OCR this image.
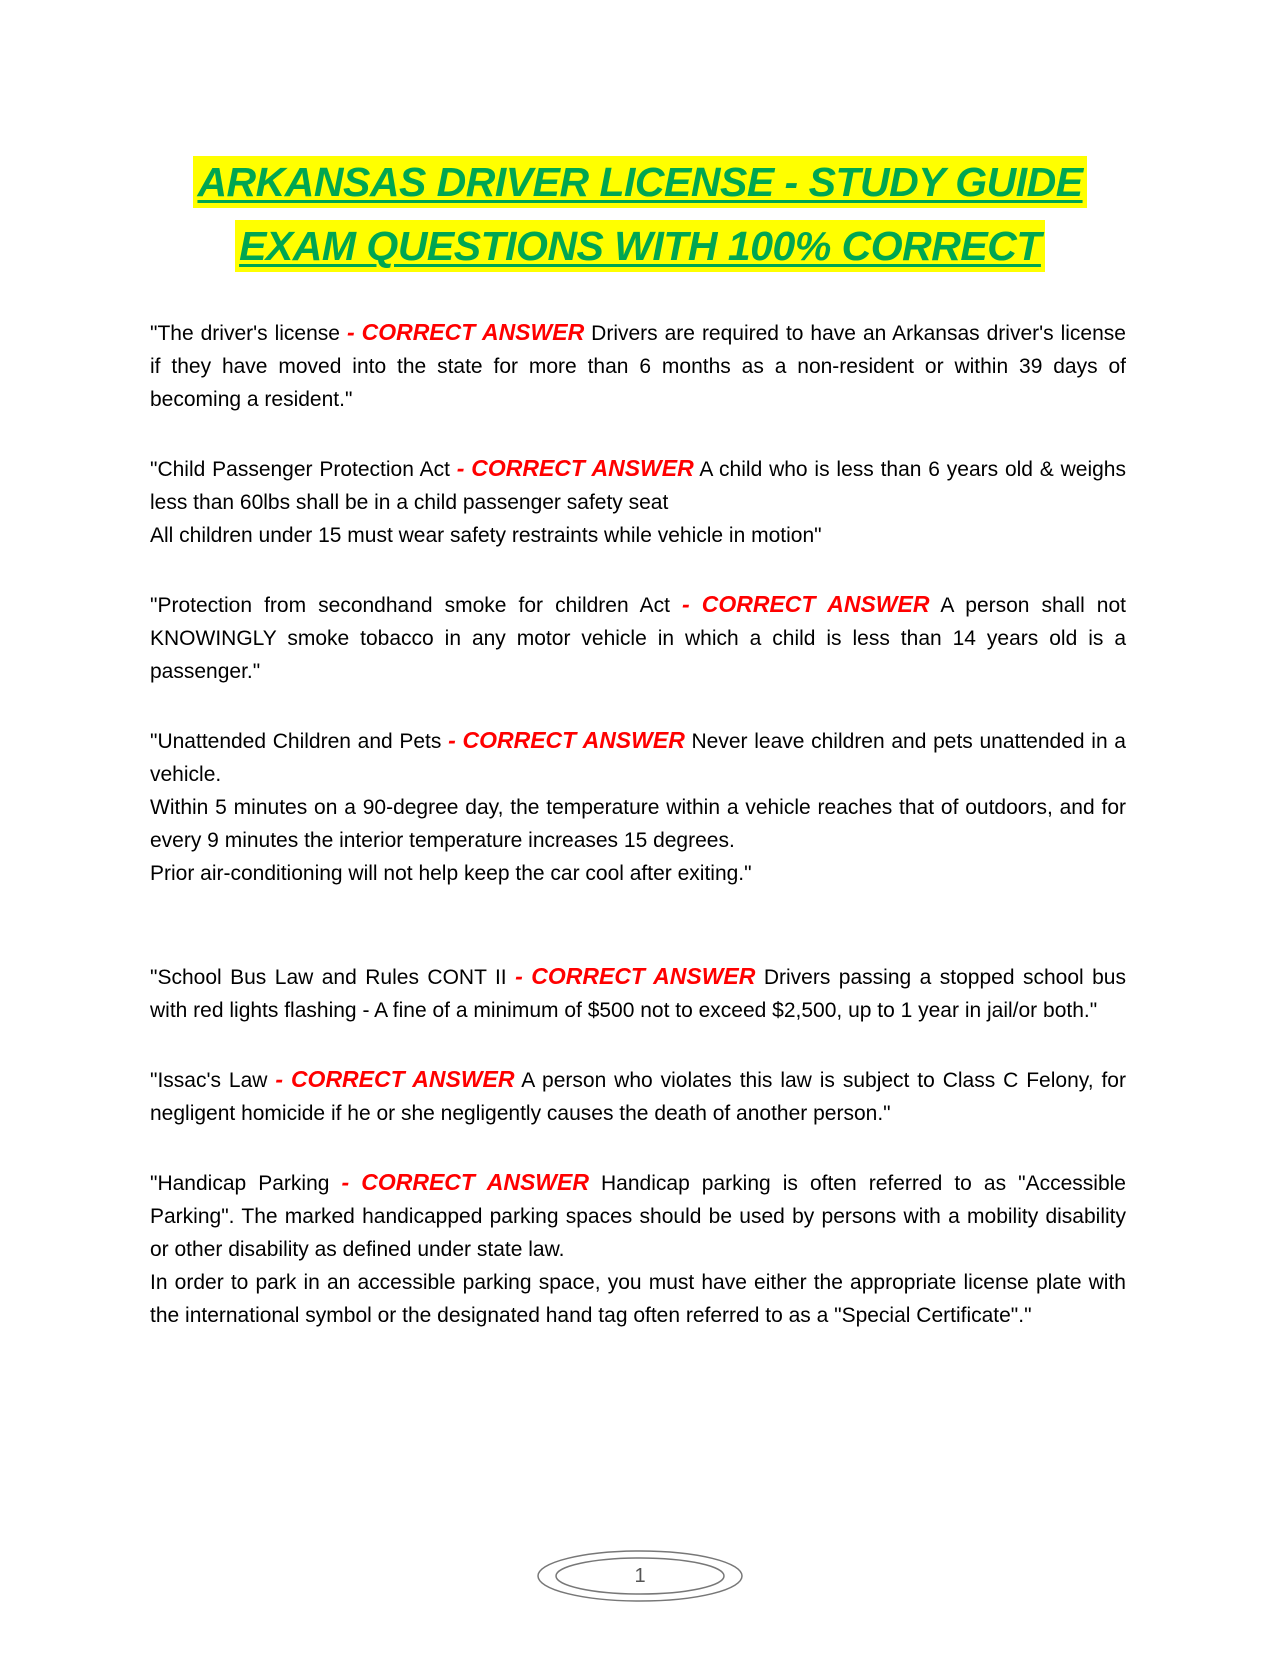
ARKANSAS DRIVER LICENSE - STUDY GUIDE
EXAM QUESTIONS WITH 100% CORRECT

"The driver's license - CORRECT ANSWER Drivers are required to have an Arkansas driver's license if they have moved into the state for more than 6 months as a non-resident or within 39 days of becoming a resident."

"Child Passenger Protection Act - CORRECT ANSWER A child who is less than 6 years old & weighs less than 60lbs shall be in a child passenger safety seat
All children under 15 must wear safety restraints while vehicle in motion"

"Protection from secondhand smoke for children Act - CORRECT ANSWER A person shall not KNOWINGLY smoke tobacco in any motor vehicle in which a child is less than 14 years old is a passenger."

"Unattended Children and Pets - CORRECT ANSWER Never leave children and pets unattended in a vehicle.
Within 5 minutes on a 90-degree day, the temperature within a vehicle reaches that of outdoors, and for every 9 minutes the interior temperature increases 15 degrees.
Prior air-conditioning will not help keep the car cool after exiting."

"School Bus Law and Rules CONT II - CORRECT ANSWER Drivers passing a stopped school bus with red lights flashing - A fine of a minimum of $500 not to exceed $2,500, up to 1 year in jail/or both."

"Issac's Law - CORRECT ANSWER A person who violates this law is subject to Class C Felony, for negligent homicide if he or she negligently causes the death of another person."

"Handicap Parking - CORRECT ANSWER Handicap parking is often referred to as "Accessible Parking". The marked handicapped parking spaces should be used by persons with a mobility disability or other disability as defined under state law.
In order to park in an accessible parking space, you must have either the appropriate license plate with the international symbol or the designated hand tag often referred to as a "Special Certificate"."

1
